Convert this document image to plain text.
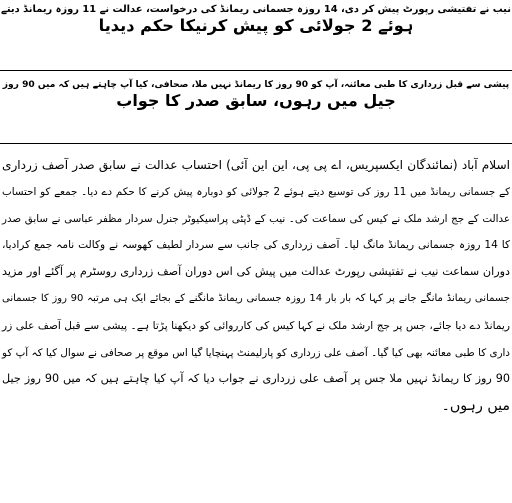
نیب نے تفتیشی رپورٹ پیش کر دی، 14 روزہ جسمانی ریمانڈ کی درخواست، عدالت نے 11 روزہ ریمانڈ دیتے
ہوئے 2 جولائی کو پیش کرنیکا حکم دیدیا
پیشی سے قبل زرداری کا طبی معائنہ، آپ کو 90 روز کا ریمانڈ نہیں ملا، صحافی، کیا آپ چاہتے ہیں کہ میں 90 روز
جیل میں رہوں، سابق صدر کا جواب
اسلام آباد (نمائندگان ایکسپریس، اے پی پی، این این آئی) احتساب عدالت نے سابق صدر آصف زرداری
کے جسمانی ریمانڈ میں 11 روز کی توسیع دیتے ہوئے 2 جولائی کو دوبارہ پیش کرنے کا حکم دے دیا۔ جمعے کو احتساب
عدالت کے جج ارشد ملک نے کیس کی سماعت کی۔ نیب کے ڈپٹی پراسیکیوٹر جنرل سردار مظفر عباسی نے سابق صدر
کا 14 روزہ جسمانی ریمانڈ مانگ لیا۔ آصف زرداری کی جانب سے سردار لطیف کھوسہ نے وکالت نامہ جمع کرادیا،
دوران سماعت نیب نے تفتیشی رپورٹ عدالت میں پیش کی اس دوران آصف زرداری روسٹرم پر آگئے اور مزید
جسمانی ریمانڈ مانگے جانے پر کہا کہ بار بار 14 روزہ جسمانی ریمانڈ مانگنے کے بجائے ایک ہی مرتبہ 90 روز کا جسمانی
ریمانڈ دے دیا جائے، جس پر جج ارشد ملک نے کہا کیس کی کارروائی کو دیکھنا پڑتا ہے۔ پیشی سے قبل آصف علی زر
داری کا طبی معائنہ بھی کیا گیا۔ آصف علی زرداری کو پارلیمنٹ پہنچایا گیا اس موقع پر صحافی نے سوال کیا کہ آپ کو
90 روز کا ریمانڈ نہیں ملا جس پر آصف علی زرداری نے جواب دیا کہ آپ کیا چاہتے ہیں کہ میں 90 روز جیل
میں رہوں۔
